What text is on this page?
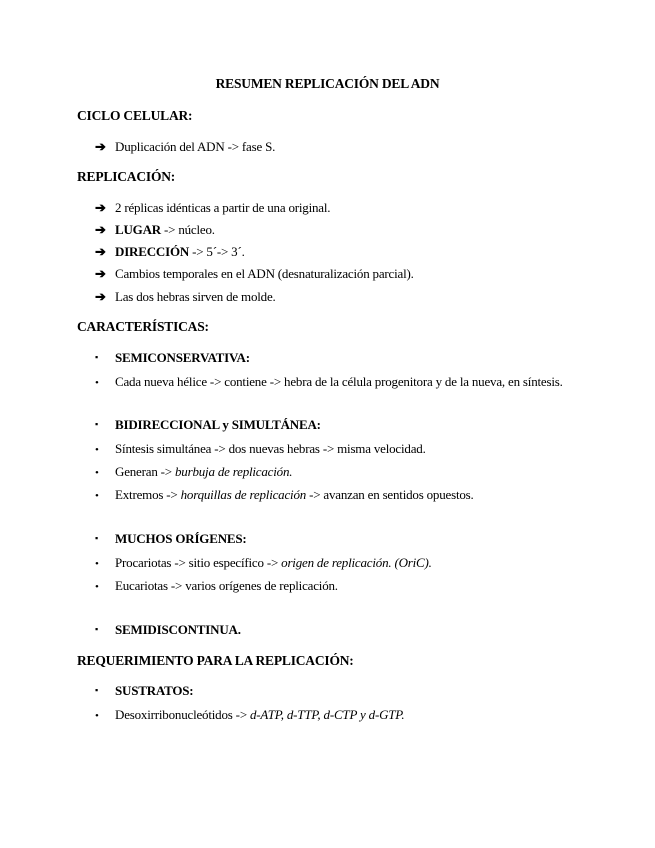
RESUMEN REPLICACIÓN DEL ADN
CICLO CELULAR:
➔ Duplicación del ADN -> fase S.
REPLICACIÓN:
➔ 2 réplicas idénticas a partir de una original.
➔ LUGAR -> núcleo.
➔ DIRECCIÓN -> 5´-> 3´.
➔ Cambios temporales en el ADN (desnaturalización parcial).
➔ Las dos hebras sirven de molde.
CARACTERÍSTICAS:
▪ SEMICONSERVATIVA:
• Cada nueva hélice -> contiene -> hebra de la célula progenitora y de la nueva, en síntesis.
▪ BIDIRECCIONAL y SIMULTÁNEA:
• Síntesis simultánea -> dos nuevas hebras -> misma velocidad.
• Generan -> burbuja de replicación.
• Extremos -> horquillas de replicación -> avanzan en sentidos opuestos.
▪ MUCHOS ORÍGENES:
• Procariotas -> sitio específico -> origen de replicación. (OriC).
• Eucariotas -> varios orígenes de replicación.
▪ SEMIDISCONTINUA.
REQUERIMIENTO PARA LA REPLICACIÓN:
▪ SUSTRATOS:
• Desoxirribonucleótidos -> d-ATP, d-TTP, d-CTP y d-GTP.
